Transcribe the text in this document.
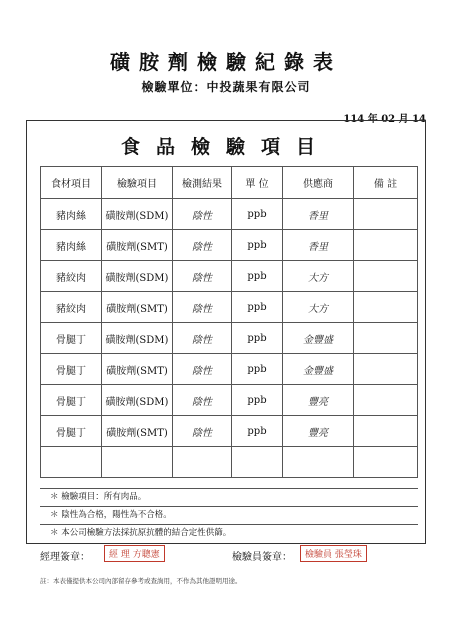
磺胺劑檢驗紀錄表
檢驗單位：中投蔬果有限公司
114 年 02 月 14
食品檢驗項目
食材項目	檢驗項目	檢測結果	單 位	供應商	備 註
豬肉絲	磺胺劑(SDM)	陰性	ppb	香里	
豬肉絲	磺胺劑(SMT)	陰性	ppb	香里	
豬絞肉	磺胺劑(SDM)	陰性	ppb	大方	
豬絞肉	磺胺劑(SMT)	陰性	ppb	大方	
骨腿丁	磺胺劑(SDM)	陰性	ppb	金豐盛	
骨腿丁	磺胺劑(SMT)	陰性	ppb	金豐盛	
骨腿丁	磺胺劑(SDM)	陰性	ppb	豐亮	
骨腿丁	磺胺劑(SMT)	陰性	ppb	豐亮	

＊ 檢驗項目：所有肉品。
＊ 陰性為合格，陽性為不合格。
＊ 本公司檢驗方法採抗原抗體的結合定性供篩。
經理簽章：	經 理 方聰憲	檢驗員簽章：	檢驗員 張瑩珠
註：本表僅提供本公司內部留存參考或查詢用，不作為其他證明用途。
